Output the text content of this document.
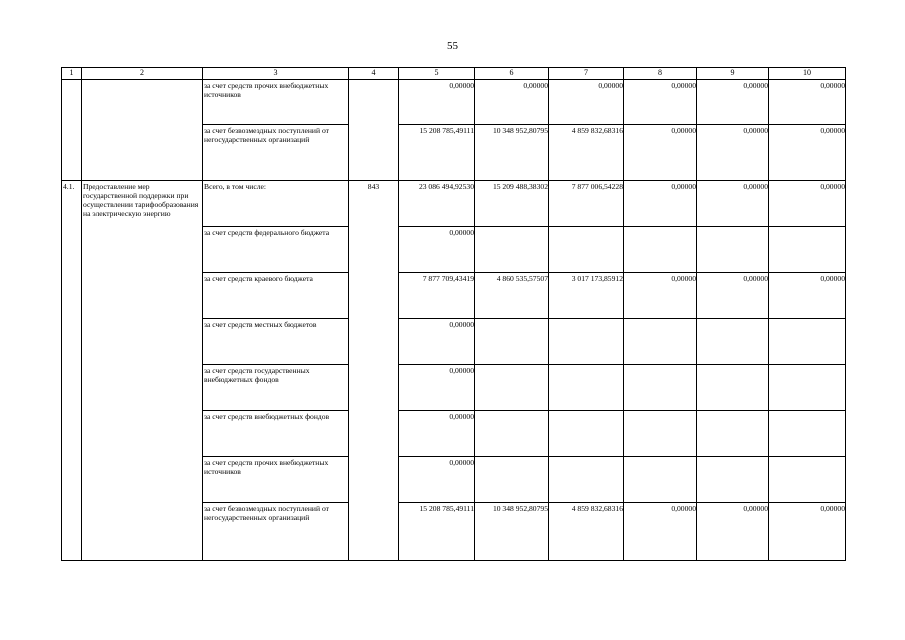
55
1	2	3	4	5	6	7	8	9	10
		за счет средств прочих внебюджетных источников		0,00000	0,00000	0,00000	0,00000	0,00000	0,00000
		за счет безвозмездных поступлений от негосударственных организаций		15 208 785,49111	10 348 952,80795	4 859 832,68316	0,00000	0,00000	0,00000
4.1.	Предоставление мер государственной поддержки при осуществлении тарифообразования на электрическую энергию	Всего, в том числе:	843	23 086 494,92530	15 209 488,38302	7 877 006,54228	0,00000	0,00000	0,00000
		за счет средств федерального бюджета		0,00000					
		за счет средств краевого бюджета		7 877 709,43419	4 860 535,57507	3 017 173,85912	0,00000	0,00000	0,00000
		за счет средств местных бюджетов		0,00000					
		за счет средств государственных внебюджетных фондов		0,00000					
		за счет средств внебюджетных фондов		0,00000					
		за счет средств прочих внебюджетных источников		0,00000					
		за счет безвозмездных поступлений от негосударственных организаций		15 208 785,49111	10 348 952,80795	4 859 832,68316	0,00000	0,00000	0,00000
